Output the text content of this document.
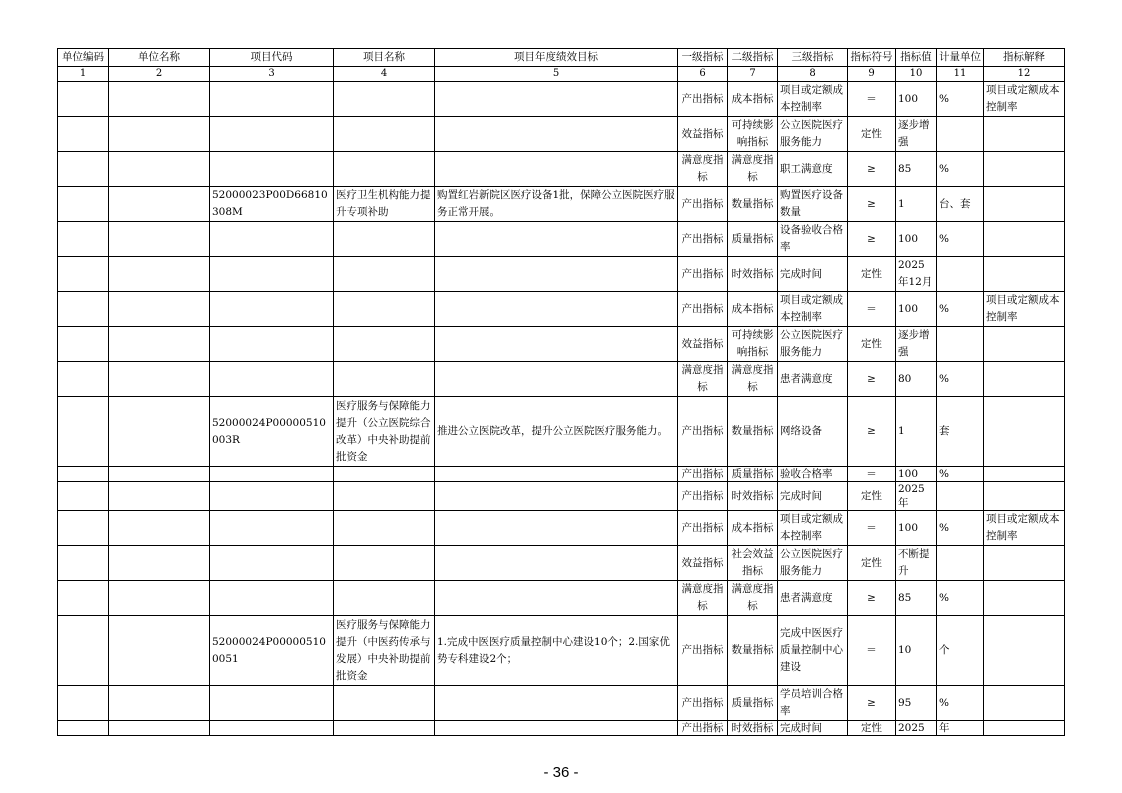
单位编码	单位名称	项目代码	项目名称	项目年度绩效目标	一级指标	二级指标	三级指标	指标符号	指标值	计量单位	指标解释
1	2	3	4	5	6	7	8	9	10	11	12
					产出指标	成本指标	项目或定额成本控制率	＝	100	%	项目或定额成本控制率
					效益指标	可持续影响指标	公立医院医疗服务能力	定性	逐步增强		
					满意度指标	满意度指标	职工满意度	≥	85	%	
		52000023P00D66810308M	医疗卫生机构能力提升专项补助	购置红岩新院区医疗设备1批，保障公立医院医疗服务正常开展。	产出指标	数量指标	购置医疗设备数量	≥	1	台、套	
					产出指标	质量指标	设备验收合格率	≥	100	%	
					产出指标	时效指标	完成时间	定性	2025年12月		
					产出指标	成本指标	项目或定额成本控制率	＝	100	%	项目或定额成本控制率
					效益指标	可持续影响指标	公立医院医疗服务能力	定性	逐步增强		
					满意度指标	满意度指标	患者满意度	≥	80	%	
		52000024P00000510003R	医疗服务与保障能力提升（公立医院综合改革）中央补助提前批资金	推进公立医院改革，提升公立医院医疗服务能力。	产出指标	数量指标	网络设备	≥	1	套	
					产出指标	质量指标	验收合格率	＝	100	%	
					产出指标	时效指标	完成时间	定性	2025年		
					产出指标	成本指标	项目或定额成本控制率	＝	100	%	项目或定额成本控制率
					效益指标	社会效益指标	公立医院医疗服务能力	定性	不断提升		
					满意度指标	满意度指标	患者满意度	≥	85	%	
		52000024P000005100051	医疗服务与保障能力提升（中医药传承与发展）中央补助提前批资金	1.完成中医医疗质量控制中心建设10个；2.国家优势专科建设2个；	产出指标	数量指标	完成中医医疗质量控制中心建设	＝	10	个	
					产出指标	质量指标	学员培训合格率	≥	95	%	
					产出指标	时效指标	完成时间	定性	2025	年	
- 36 -
